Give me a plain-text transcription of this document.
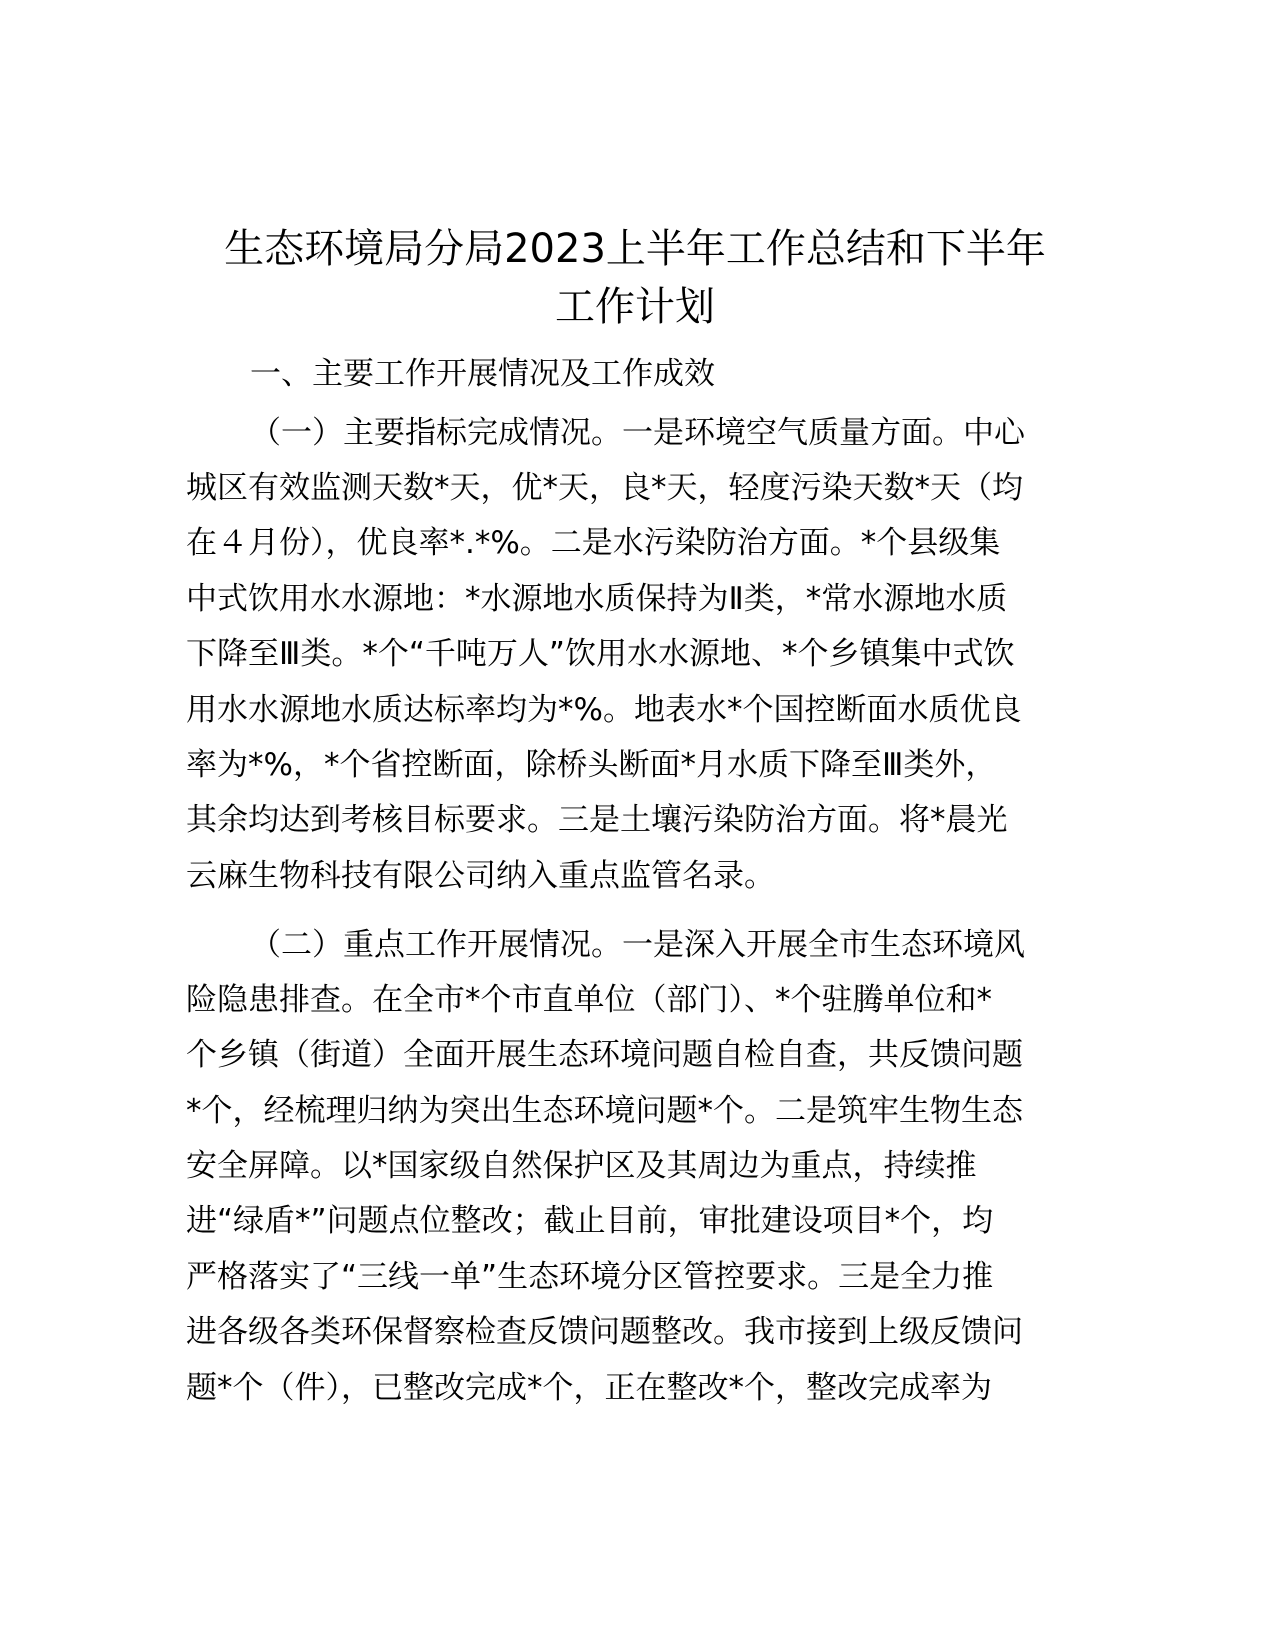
生态环境局分局2023上半年工作总结和下半年
工作计划

一、主要工作开展情况及工作成效

（一）主要指标完成情况。一是环境空气质量方面。中心

城区有效监测天数*天，优*天，良*天，轻度污染天数*天（均

在４月份），优良率*.*%。二是水污染防治方面。*个县级集

中式饮用水水源地：*水源地水质保持为Ⅱ类，*常水源地水质

下降至Ⅲ类。*个“千吨万人”饮用水水源地、*个乡镇集中式饮

用水水源地水质达标率均为*%。地表水*个国控断面水质优良

率为*%，*个省控断面，除桥头断面*月水质下降至Ⅲ类外，

其余均达到考核目标要求。三是土壤污染防治方面。将*晨光

云麻生物科技有限公司纳入重点监管名录。

（二）重点工作开展情况。一是深入开展全市生态环境风

险隐患排查。在全市*个市直单位（部门）、*个驻腾单位和*

个乡镇（街道）全面开展生态环境问题自检自查，共反馈问题

*个，经梳理归纳为突出生态环境问题*个。二是筑牢生物生态

安全屏障。以*国家级自然保护区及其周边为重点，持续推

进“绿盾*”问题点位整改；截止目前，审批建设项目*个，均

严格落实了“三线一单”生态环境分区管控要求。三是全力推

进各级各类环保督察检查反馈问题整改。我市接到上级反馈问

题*个（件），已整改完成*个，正在整改*个，整改完成率为
